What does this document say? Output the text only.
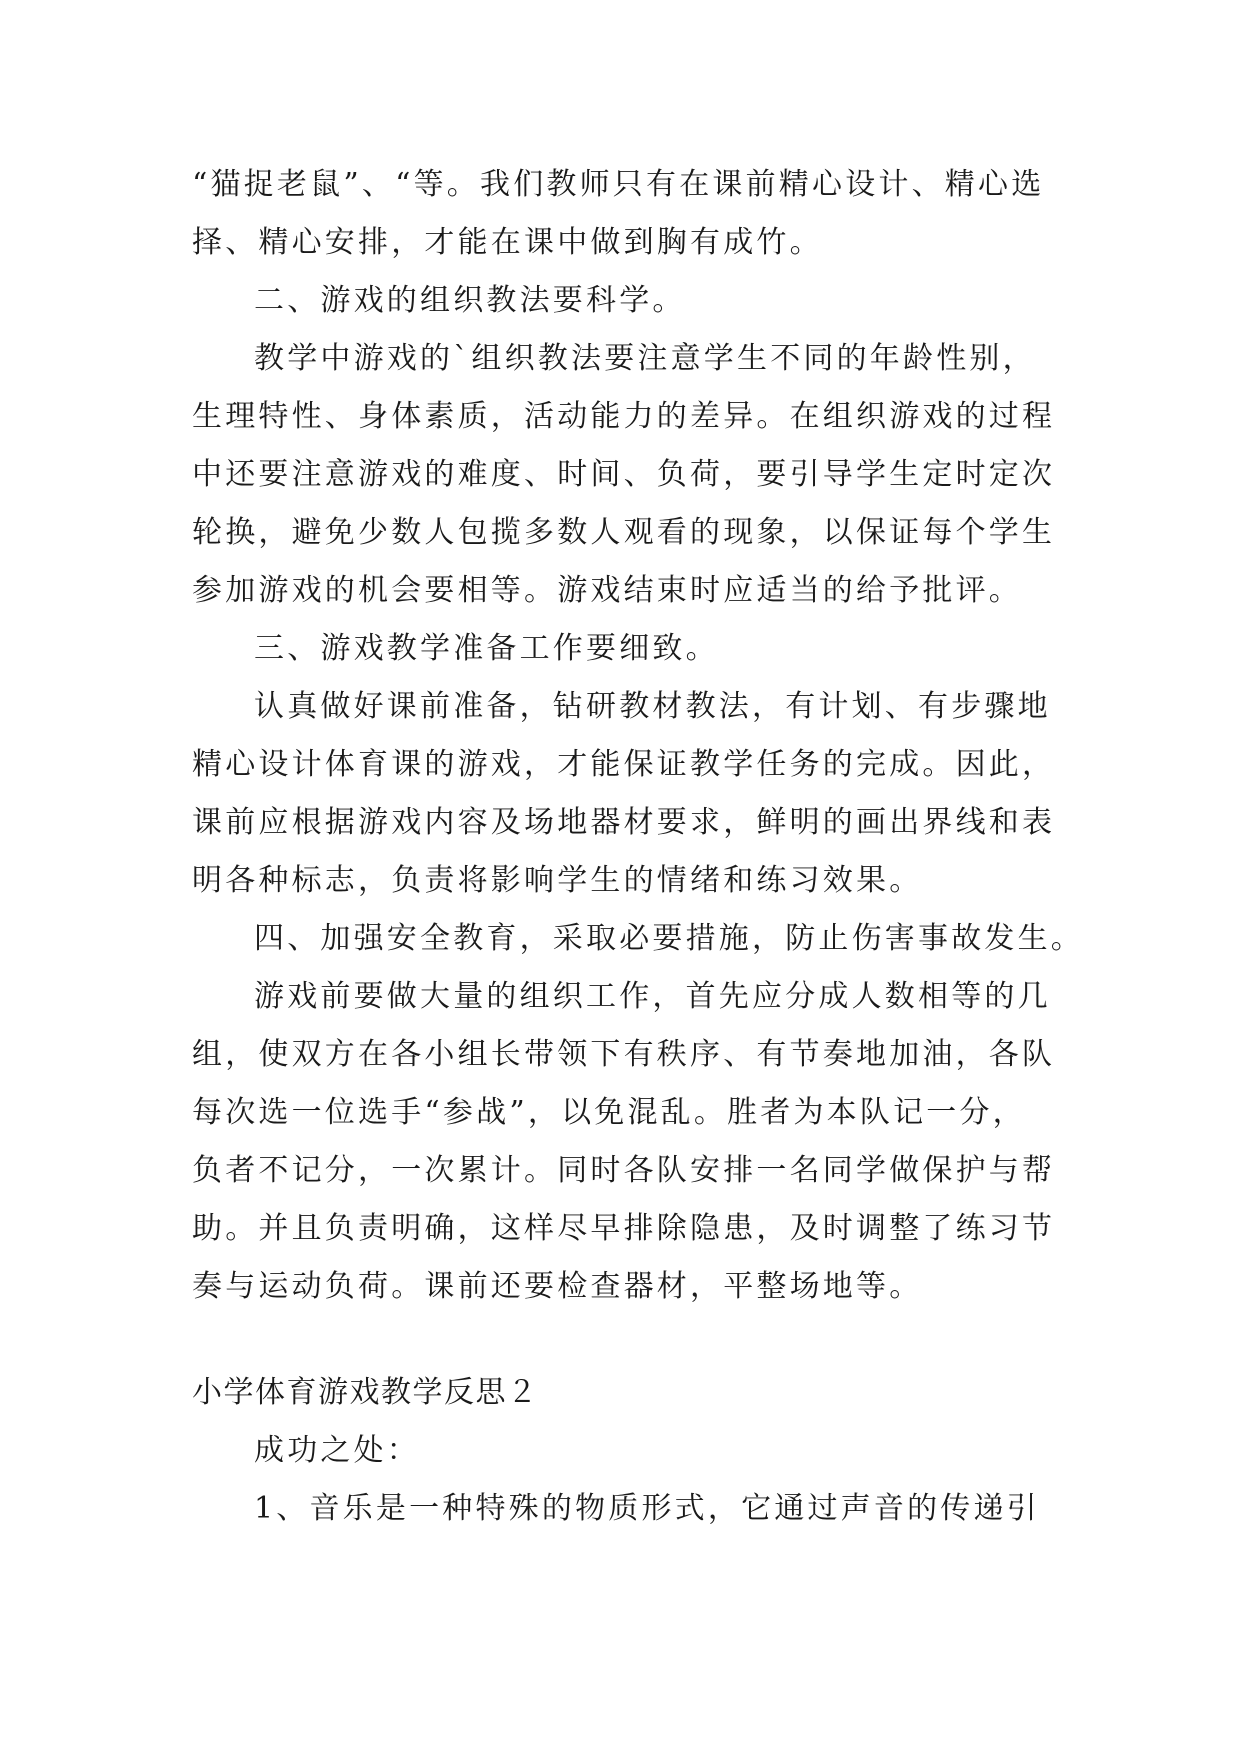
“猫捉老鼠”、“等。我们教师只有在课前精心设计、精心选
择、精心安排，才能在课中做到胸有成竹。
二、游戏的组织教法要科学。
教学中游戏的`组织教法要注意学生不同的年龄性别，
生理特性、身体素质，活动能力的差异。在组织游戏的过程
中还要注意游戏的难度、时间、负荷，要引导学生定时定次
轮换，避免少数人包揽多数人观看的现象，以保证每个学生
参加游戏的机会要相等。游戏结束时应适当的给予批评。
三、游戏教学准备工作要细致。
认真做好课前准备，钻研教材教法，有计划、有步骤地
精心设计体育课的游戏，才能保证教学任务的完成。因此，
课前应根据游戏内容及场地器材要求，鲜明的画出界线和表
明各种标志，负责将影响学生的情绪和练习效果。
四、加强安全教育，采取必要措施，防止伤害事故发生。
游戏前要做大量的组织工作，首先应分成人数相等的几
组，使双方在各小组长带领下有秩序、有节奏地加油，各队
每次选一位选手“参战”，以免混乱。胜者为本队记一分，
负者不记分，一次累计。同时各队安排一名同学做保护与帮
助。并且负责明确，这样尽早排除隐患，及时调整了练习节
奏与运动负荷。课前还要检查器材，平整场地等。
小学体育游戏教学反思２
成功之处：
1、音乐是一种特殊的物质形式，它通过声音的传递引
